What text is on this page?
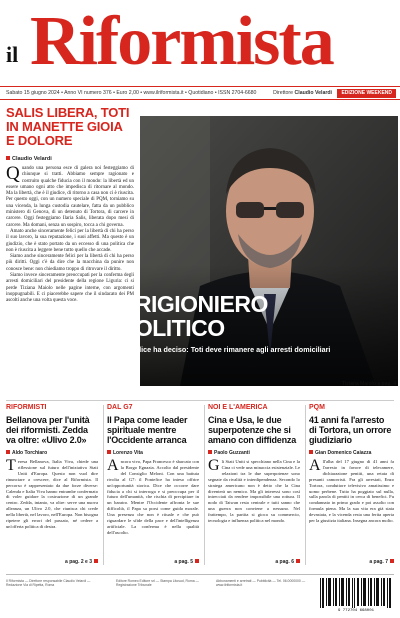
il Riformista
Sabato 15 giugno 2024 • Anno VI numero 376 • Euro 2,00 • www.ilriformista.it • Quotidiano • ISSN 2704-6680	Direttore Claudio Velardi	EDIZIONE WEEKEND
SALIS LIBERA, TOTI IN MANETTE GIOIA E DOLORE
Claudio Velardi
Q uando una persona esce di galera noi festeggiamo di chiunque si tratti. Abbiamo sempre ragionato e costruito qualche fiducia con il mondo: la libertà ed un essere umano ogni atto che impedisca di ritornare al mondo. Ma la libertà, che è il giudice, di ritorno a casa non ci è riuscita. Per questo oggi, con un numero speciale di PQM, torniamo su una vicenda, la lunga custodia cautelare, fatta da un pubblico ministero di Genova, di un detenuto di Tortora, di carcere in carcere. Oggi festeggiamo Ilaria Salis, liberata dopo mesi di carcere. Ma domani, senza un sospiro, tocca a chi governa.

Amato anche sinceramente felici per la libertà di chi ha perso il suo lavoro, la sua reputazione, i suoi affetti. Ma questo è un giudizio, che è stato portato da un eccesso di una politica che non è riuscita a leggere bene tutto quello che accade.

Siamo anche sinceramente felici per la libertà di chi ha perso più diritti. Oggi c'è da dire che la macchina da punire non conosce bene: non chiediamo troppo di ritrovare il diritto.

Siamo invece sinceramente preoccupati per la conferma degli arresti domiciliari del presidente della regione Liguria: ci si perde Tiziana Maiolo nelle pagine interne, con argomenti inoppugnabili. E ci piacerebbe sapere che il sindacato dei PM ascolti anche una volta questa voce.	PRIGIONIERO
POLITICO
Il giudice ha deciso: Toti deve rimanere agli arresti domiciliari
Tiziana Maiolo a pag. 4
RIFORMISTI
Bellanova per l'unità dei riformisti. Zedda va oltre: «Ulivo 2.0»
Aldo Torchiaro
Teresa Bellanova, Italia Viva, chiede una riflessione sul futuro dell'iniziativa Stati Uniti d'Europa. Questo non vuol dire rinunciare a crescere, dice al Riformista. Il percorso è rappresentato da due forze diverse: Calenda e Italia Viva hanno entrambe confermato di voler guidare la costruzione di un grande centro. Zedda, intanto, va oltre: serve una nuova alleanza, un Ulivo 2.0, che riunisca chi crede nella libertà, nel lavoro, nell'Europa. Non bisogna ripetere gli errori del passato, né cedere a un'offerta politica di destra.
a pag. 2 e 3
DAL G7
Il Papa come leader spirituale mentre l'Occidente arranca
Lorenzo Vita
Ancora vivo, Papa Francesco è sbarcato con la Borgo Egnazia. Accolto dal presidente del Consiglio Meloni. Con una battuta rivolta al G7: il Pontefice ha inteso offrire un'opportunità storica. Dice che occorre dare fiducia a chi si interroga e si preoccupa per il futuro dell'umanità, che rischia di precipitare in un baratro. Mentre l'Occidente affronta le sue difficoltà, il Papa sa porsi come guida morale. Una presenza che non è rituale e che può riguardare le sfide della pace e dell'intelligenza artificiale. La conferma è nella qualità dell'ascolto.
a pag. 5
NOI E L'AMERICA
Cina e Usa, le due superpotenze che si amano con diffidenza
Paolo Guzzanti
Gli Stati Uniti si specchiano nella Cina e la Cina ci vede una minaccia esistenziale. Le relazioni tra le due superpotenze sono segnate da rivalità e interdipendenza. Secondo lo stratega americano non è detto che la Cina diventerà un nemico. Ma gli interessi sono così intrecciati da rendere impossibile una rottura. Il nodo di Taiwan resta centrale e tutti sanno che una guerra non conviene a nessuno. Nel frattempo, la partita si gioca su commercio, tecnologia e influenza politica nel mondo.
a pag. 6
PQM
41 anni fa l'arresto di Tortora, un orrore giudiziario
Gian Domenico Caiazza
All'alba del 17 giugno di 41 anni fa l'arresto in favore di telecamere, dichiarazione pentiti, una retata di presunti camorristi. Fra gli arrestati, Enzo Tortora, conduttore televisivo amatissimo e uomo perbene. Tutto ha poggiato sul nulla, sulla parola di pentiti in cerca di benefici. Fu condannato in primo grado e poi assolto con formula piena. Ma la sua vita era già stata devastata, e la vicenda resta una ferita aperta per la giustizia italiana. Insegna ancora molto.
a pag. 7
Il Riformista — Direttore responsabile Claudio Velardi — Redazione Via di Ripetta, Roma
Editore Romeo Editore srl — Stampa Litosud, Roma — Registrazione Tribunale
Abbonamenti e arretrati — Pubblicità — Tel. 06.0000000 — www.ilriformista.it
9 772704 668001
